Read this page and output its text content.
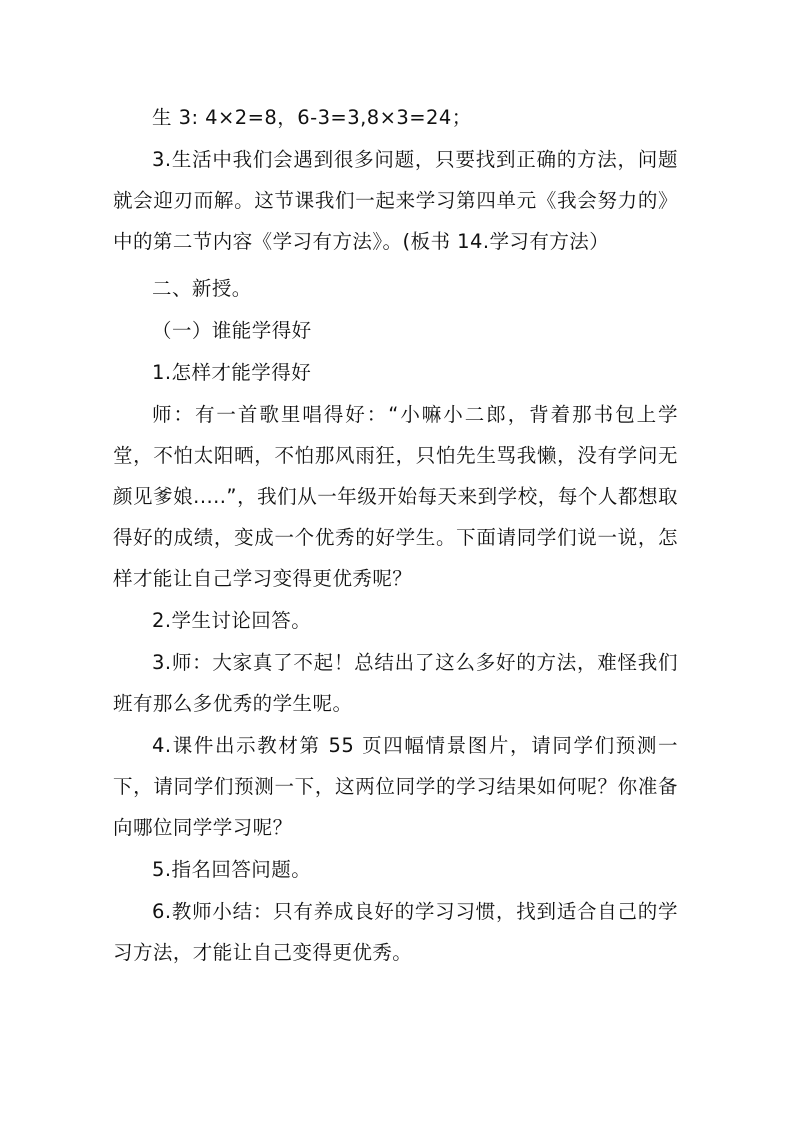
生 3: 4×2=8，6-3=3,8×3=24；

3.生活中我们会遇到很多问题，只要找到正确的方法，问题就会迎刃而解。这节课我们一起来学习第四单元《我会努力的》中的第二节内容《学习有方法》。(板书 14.学习有方法）

二、新授。

（一）谁能学得好

1.怎样才能学得好

师：有一首歌里唱得好：“小嘛小二郎，背着那书包上学堂，不怕太阳晒，不怕那风雨狂，只怕先生骂我懒，没有学问无颜见爹娘.....”，我们从一年级开始每天来到学校，每个人都想取得好的成绩，变成一个优秀的好学生。下面请同学们说一说，怎样才能让自己学习变得更优秀呢？

2.学生讨论回答。

3.师：大家真了不起！总结出了这么多好的方法，难怪我们班有那么多优秀的学生呢。

4.课件出示教材第 55 页四幅情景图片，请同学们预测一下，请同学们预测一下，这两位同学的学习结果如何呢？你准备向哪位同学学习呢？

5.指名回答问题。

6.教师小结：只有养成良好的学习习惯，找到适合自己的学习方法，才能让自己变得更优秀。
